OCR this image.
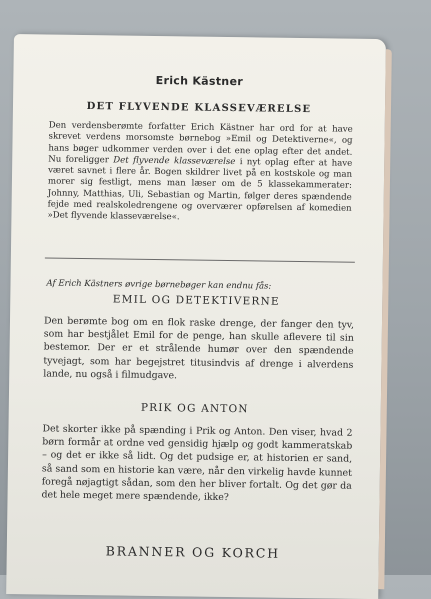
Erich Kästner
DET FLYVENDE KLASSEVÆRELSE

Den verdensberømte forfatter Erich Kästner har ord for at have skrevet verdens morsomste børnebog »Emil og Detektiverne«, og hans bøger udkommer verden over i det ene oplag efter det andet. Nu foreligger Det flyvende klasseværelse i nyt oplag efter at have været savnet i flere år. Bogen skildrer livet på en kostskole og man morer sig festligt, mens man læser om de 5 klassekammerater: Johnny, Matthias, Uli, Sebastian og Martin, følger deres spændende fejde med realskoledrengene og overværer opførelsen af komedien »Det flyvende klasseværelse«.

Af Erich Kästners øvrige børnebøger kan endnu fås:

EMIL OG DETEKTIVERNE

Den berømte bog om en flok raske drenge, der fanger den tyv, som har bestjålet Emil for de penge, han skulle aflevere til sin bestemor. Der er et strålende humør over den spændende tyvejagt, som har begejstret titusindvis af drenge i alverdens lande, nu også i filmudgave.

PRIK OG ANTON

Det skorter ikke på spænding i Prik og Anton. Den viser, hvad 2 børn formår at ordne ved gensidig hjælp og godt kammeratskab – og det er ikke så lidt. Og det pudsige er, at historien er sand, så sand som en historie kan være, når den virkelig havde kunnet foregå nøjagtigt sådan, som den her bliver fortalt. Og det gør da det hele meget mere spændende, ikke?

BRANNER OG KORCH
